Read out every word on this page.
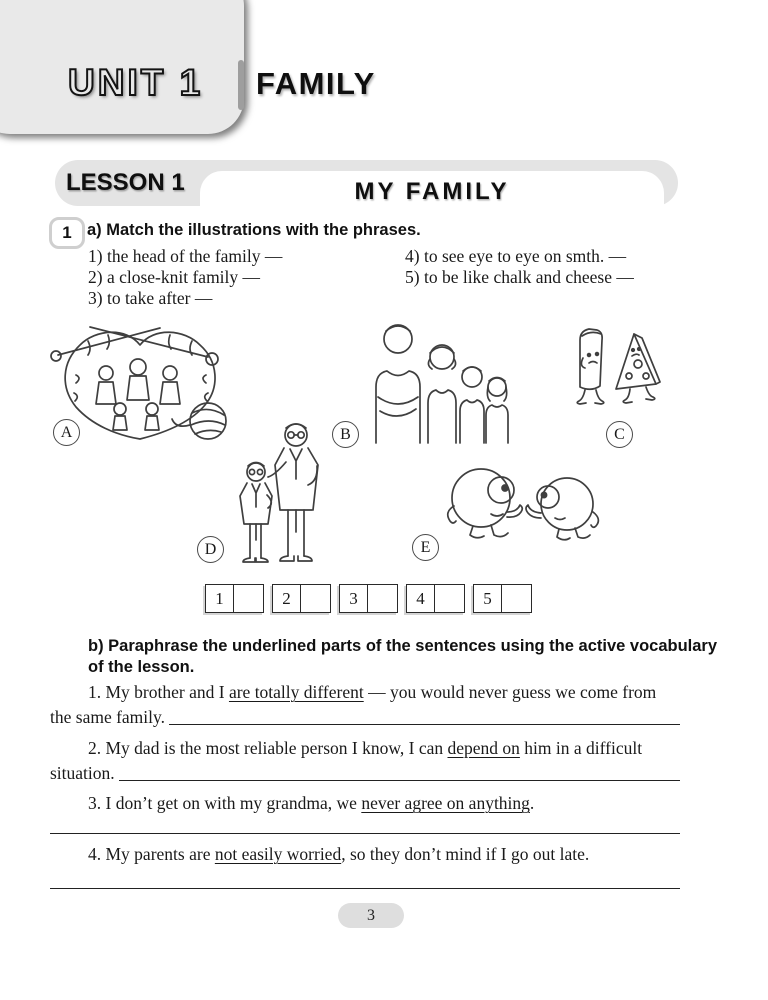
UNIT 1 FAMILY
LESSON 1	MY FAMILY
1 a) Match the illustrations with the phrases.
1) the head of the family —
2) a close-knit family —
3) to take after —
4) to see eye to eye on smth. —
5) to be like chalk and cheese —
A	B	C
D	E
1	2	3	4	5
b) Paraphrase the underlined parts of the sentences using the active vocabulary
of the lesson.
1. My brother and I are totally different — you would never guess we come from
the same family.
2. My dad is the most reliable person I know, I can depend on him in a difficult
situation.
3. I don’t get on with my grandma, we never agree on anything.
4. My parents are not easily worried, so they don’t mind if I go out late.
3
